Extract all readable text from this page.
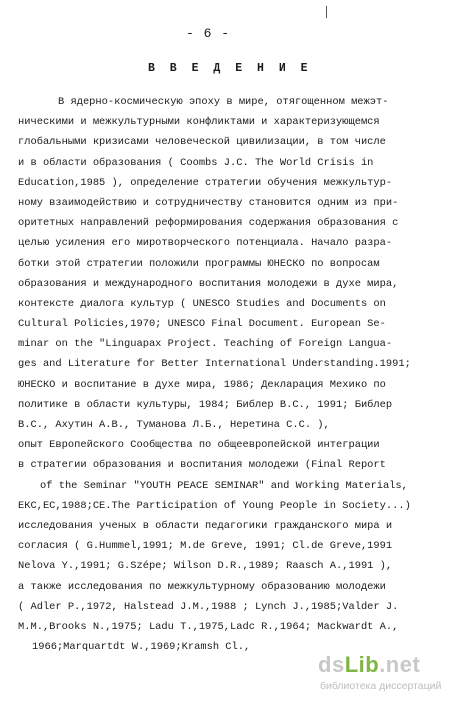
- 6 -
В В Е Д Е Н И Е
В ядерно-космическую эпоху в мире, отягощенном межэт-
ническими и межкультурными конфликтами и характеризующемся
глобальными кризисами человеческой цивилизации, в том числе
и в области образования ( Coombs J.C. The World Crisis in
Education,1985 ), определение стратегии обучения межкультур-
ному взаимодействию и сотрудничеству становится одним из при-
оритетных направлений реформирования содержания образования с
целью усиления его миротворческого потенциала. Начало разра-
ботки этой стратегии положили программы ЮНЕСКО по вопросам
образования и международного воспитания молодежи в духе мира,
контексте диалога культур ( UNESCO Studies and Documents on
Cultural Policies,1970; UNESCO Final Document. European Se-
minar on the "Linguapax Project. Teaching of Foreign Langua-
ges and Literature for Better International Understanding.1991;
ЮНЕСКО и воспитание в духе мира, 1986; Декларация Мехико по
политике в области культуры, 1984; Библер В.С., 1991; Библер
В.С., Ахутин А.В., Туманова Л.Б., Неретина С.С. ),
опыт Европейского Сообщества по общеевропейской интеграции
в стратегии образования и воспитания молодежи (Final Report
of the Seminar "YOUTH PEACE SEMINAR" and Working Materials,
ЕКС,ЕС,1988;СЕ.The Participation of Young People in Society...)
исследования ученых в области педагогики гражданского мира и
согласия ( G.Hummel,1991; M.de Greve, 1991; Cl.de Greve,1991
Nelova Y.,1991; G.Szépe; Wilson D.R.,1989; Raasch A.,1991 ),
а также исследования по межкультурному образованию молодежи
( Adler P.,1972, Halstead J.M.,1988 ; Lynch J.,1985;Valder J.
M.M.,Brooks N.,1975; Ladu T.,1975,Ladc R.,1964; Mackwardt A.,
1966;Marquartdt W.,1969;Kramsh Cl.,
dsLib.net
библиотека диссертаций
